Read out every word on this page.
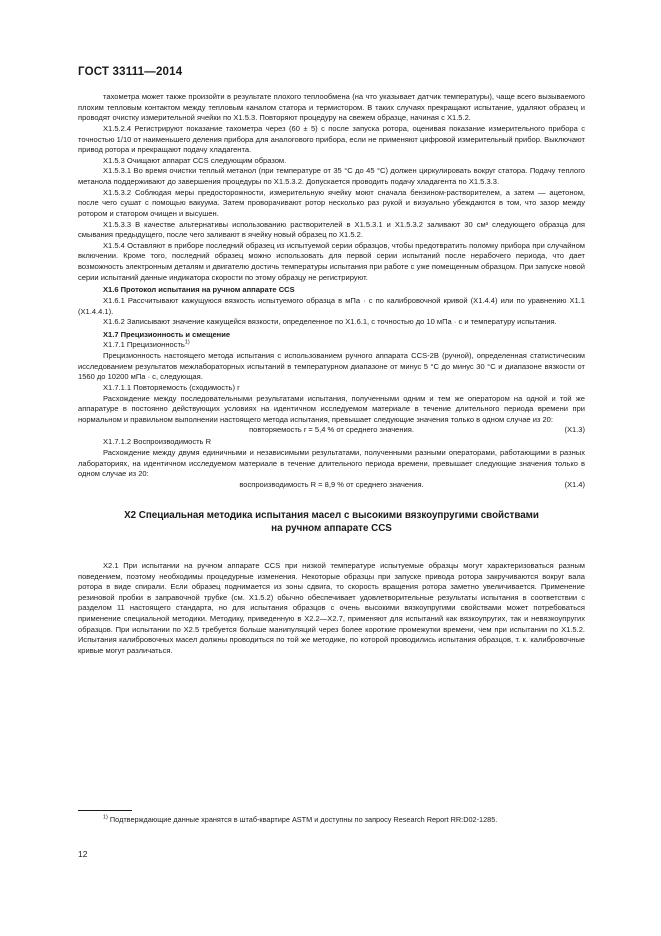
ГОСТ 33111—2014

тахометра может также произойти в результате плохого теплообмена (на что указывает датчик температуры), чаще всего вызываемого плохим тепловым контактом между тепловым каналом статора и термистором. В таких случаях прекращают испытание, удаляют образец и проводят очистку измерительной ячейки по X1.5.3. Повторяют процедуру на свежем образце, начиная с X1.5.2.

X1.5.2.4 Регистрируют показание тахометра через (60 ± 5) с после запуска ротора, оценивая показание измерительного прибора с точностью 1/10 от наименьшего деления прибора для аналогового прибора, если не применяют цифровой измерительный прибор. Выключают привод ротора и прекращают подачу хладагента.

X1.5.3 Очищают аппарат CCS следующим образом.

X1.5.3.1 Во время очистки теплый метанол (при температуре от 35 °С до 45 °С) должен циркулировать вокруг статора. Подачу теплого метанола поддерживают до завершения процедуры по X1.5.3.2. Допускается проводить подачу хладагента по X1.5.3.3.

X1.5.3.2 Соблюдая меры предосторожности, измерительную ячейку моют сначала бензином-растворителем, а затем — ацетоном, после чего сушат с помощью вакуума. Затем проворачивают ротор несколько раз рукой и визуально убеждаются в том, что зазор между ротором и статором очищен и высушен.

X1.5.3.3 В качестве альтернативы использованию растворителей в X1.5.3.1 и X1.5.3.2 заливают 30 см³ следующего образца для смывания предыдущего, после чего заливают в ячейку новый образец по X1.5.2.

X1.5.4 Оставляют в приборе последний образец из испытуемой серии образцов, чтобы предотвратить поломку прибора при случайном включении. Кроме того, последний образец можно использовать для первой серии испытаний после нерабочего периода, что дает возможность электронным деталям и двигателю достичь температуры испытания при работе с уже помещенным образцом. При запуске новой серии испытаний данные индикатора скорости по этому образцу не регистрируют.

X1.6 Протокол испытания на ручном аппарате CCS

X1.6.1 Рассчитывают кажущуюся вязкость испытуемого образца в мПа · с по калибровочной кривой (X1.4.4) или по уравнению X1.1 (X1.4.4.1).

X1.6.2 Записывают значение кажущейся вязкости, определенное по X1.6.1, с точностью до 10 мПа · с и температуру испытания.

X1.7 Прецизионность и смещение

X1.7.1 Прецизионность$^{1)}$

Прецизионность настоящего метода испытания с использованием ручного аппарата CCS-2B (ручной), определенная статистическим исследованием результатов межлабораторных испытаний в температурном диапазоне от минус 5 °С до минус 30 °С и диапазоне вязкости от 1560 до 10200 мПа · с, следующая.

X1.7.1.1 Повторяемость (сходимость) r

Расхождение между последовательными результатами испытания, полученными одним и тем же оператором на одной и той же аппаратуре в постоянно действующих условиях на идентичном исследуемом материале в течение длительного периода времени при нормальном и правильном выполнении настоящего метода испытания, превышает следующие значения только в одном случае из 20:

повторяемость r = 5,4 % от среднего значения.	(X1.3)

X1.7.1.2 Воспроизводимость R

Расхождение между двумя единичными и независимыми результатами, полученными разными операторами, работающими в разных лабораториях, на идентичном исследуемом материале в течение длительного периода времени, превышает следующие значения только в одном случае из 20:

воспроизводимость R = 8,9 % от среднего значения.	(X1.4)
X2 Специальная методика испытания масел с высокими вязкоупругими свойствами
на ручном аппарате CCS

X2.1 При испытании на ручном аппарате CCS при низкой температуре испытуемые образцы могут характеризоваться разным поведением, поэтому необходимы процедурные изменения. Некоторые образцы при запуске привода ротора закручиваются вокруг вала ротора в виде спирали. Если образец поднимается из зоны сдвига, то скорость вращения ротора заметно увеличивается. Применение резиновой пробки в заправочной трубке (см. X1.5.2) обычно обеспечивает удовлетворительные результаты испытания в соответствии с разделом 11 настоящего стандарта, но для испытания образцов с очень высокими вязкоупругими свойствами может потребоваться применение специальной методики. Методику, приведенную в X2.2—X2.7, применяют для испытаний как вязкоупругих, так и невязкоупругих образцов. При испытании по X2.5 требуется больше манипуляций через более короткие промежутки времени, чем при испытании по X1.5.2. Испытания калибровочных масел должны проводиться по той же методике, по которой проводились испытания образцов, т. к. калибровочные кривые могут различаться.

$^{1)}$ Подтверждающие данные хранятся в штаб-квартире ASTM и доступны по запросу Research Report RR:D02-1285.

12
